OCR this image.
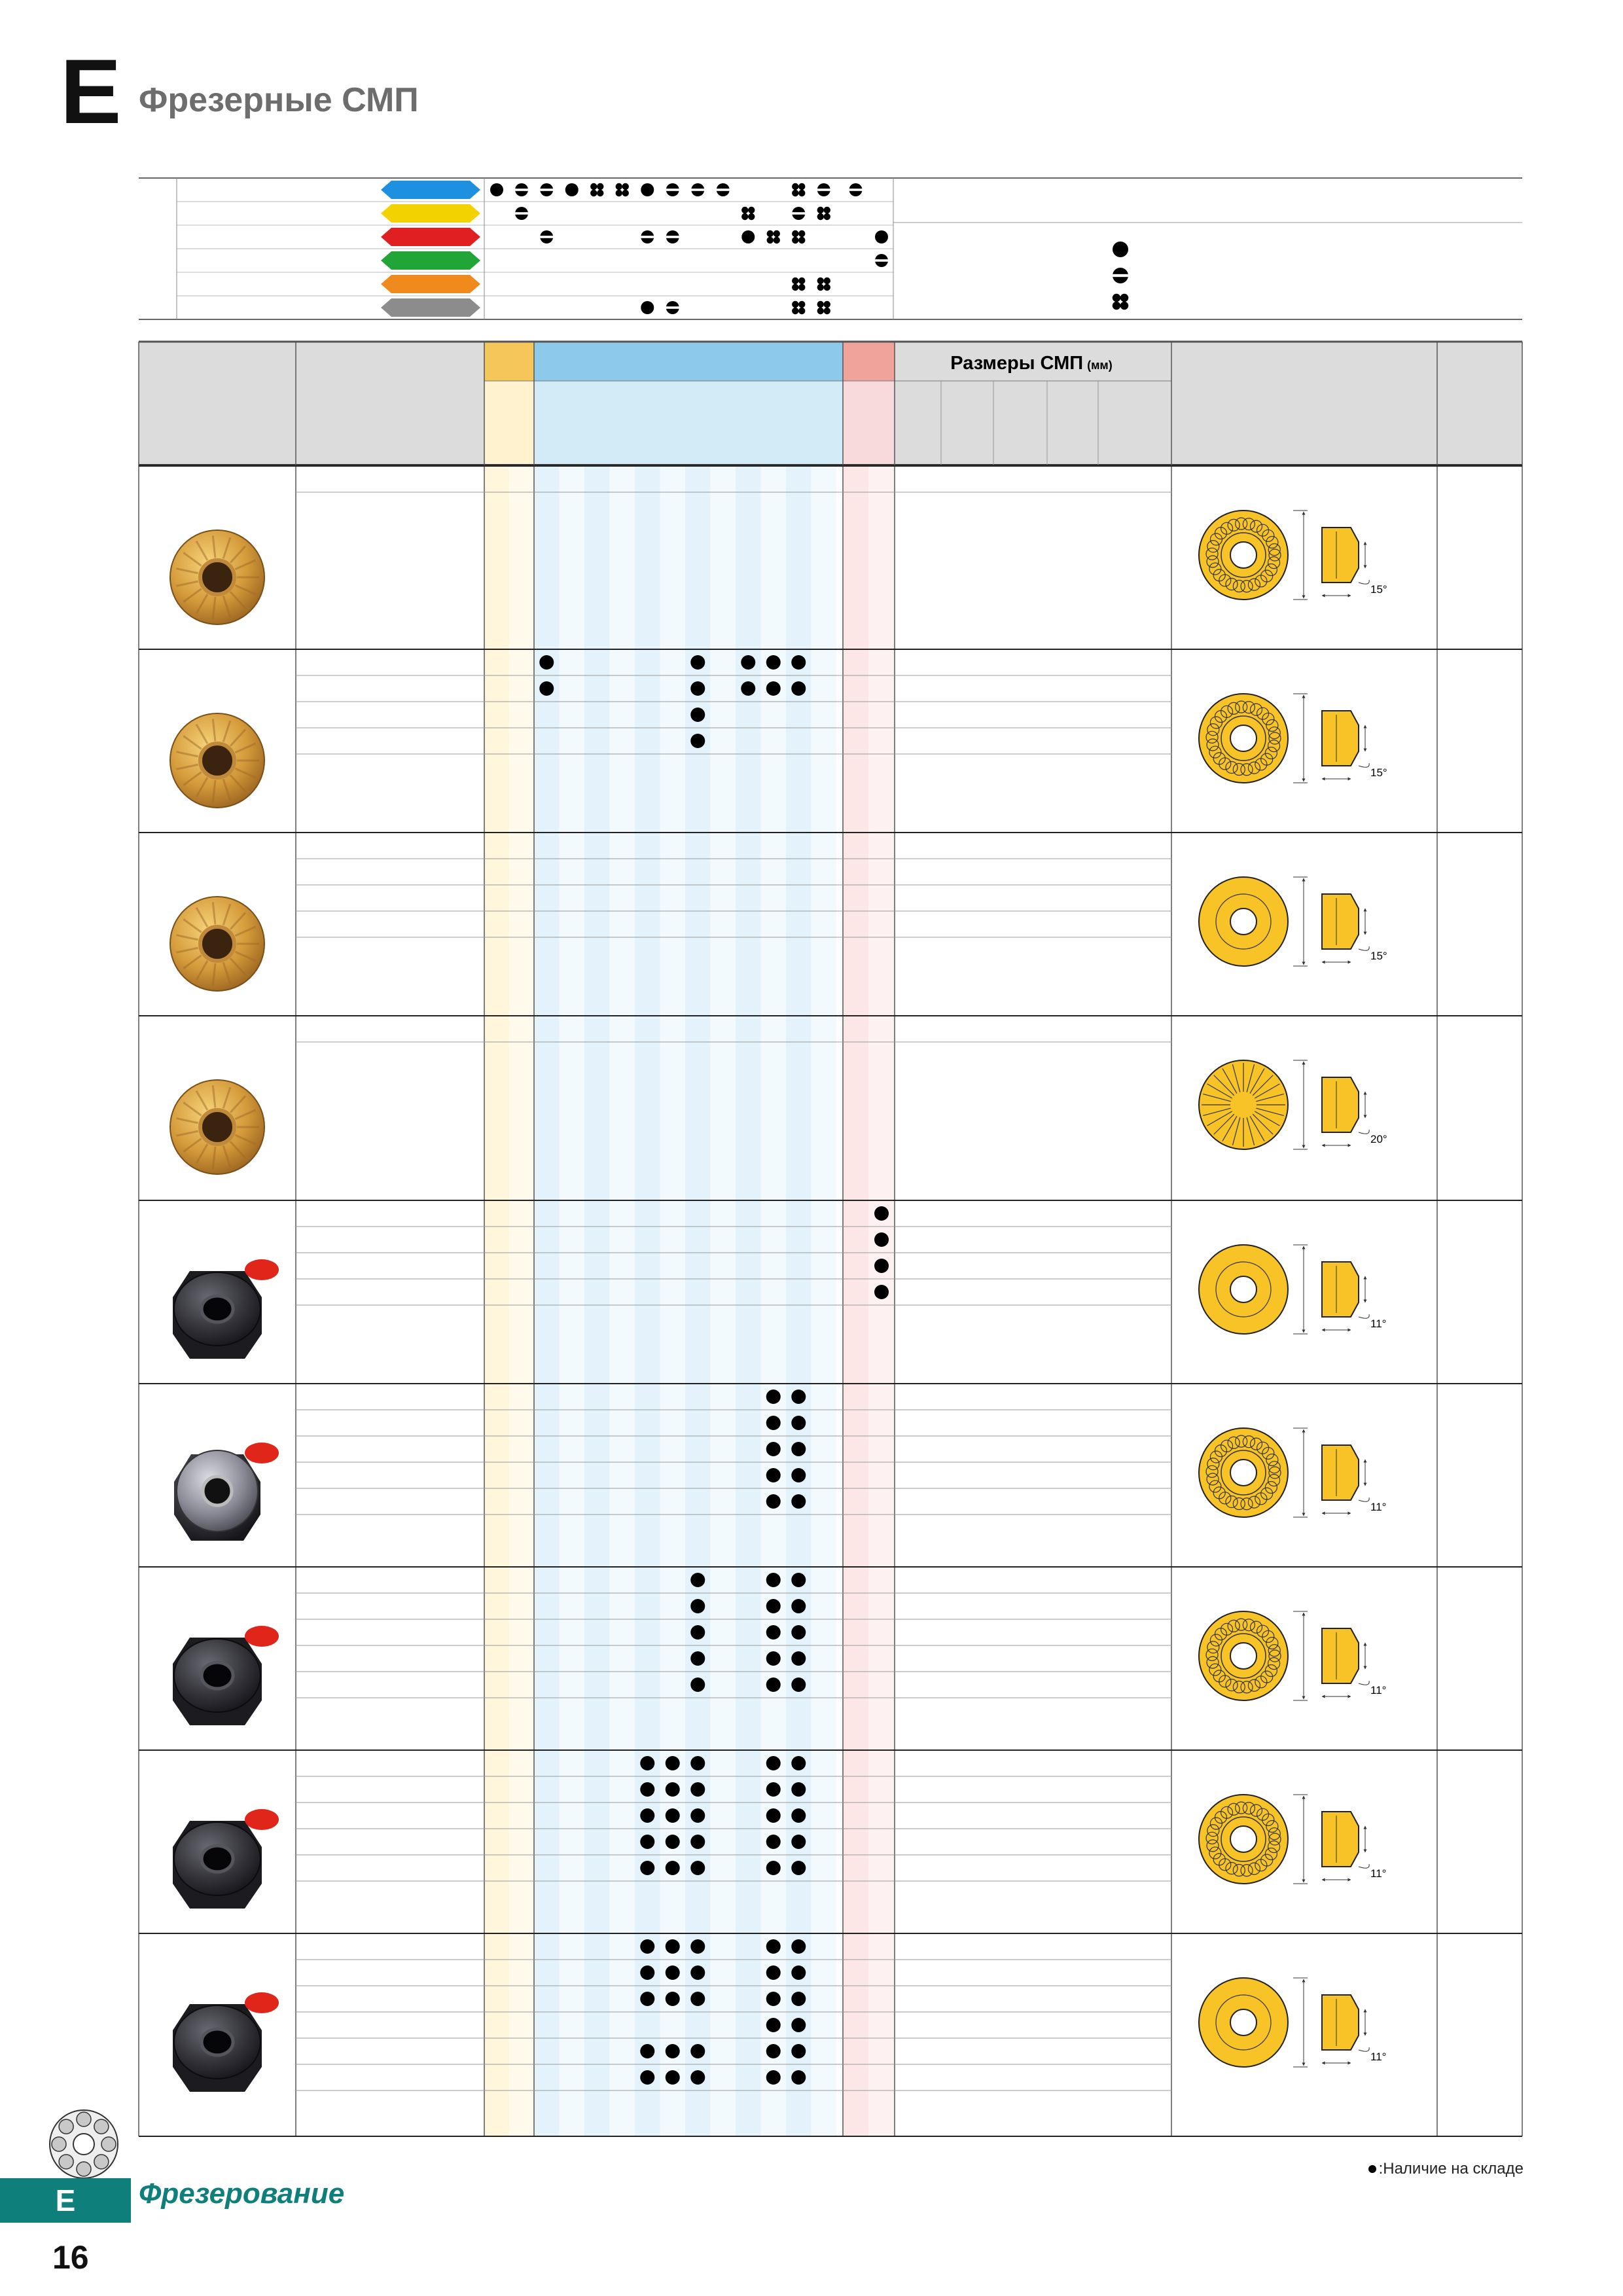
E Фрезерные СМП
Размеры СМП (мм)
15°
15°
15°
20°
11°
11°
11°
11°
11°
:Наличие на складе
E	Фрезерование
16
